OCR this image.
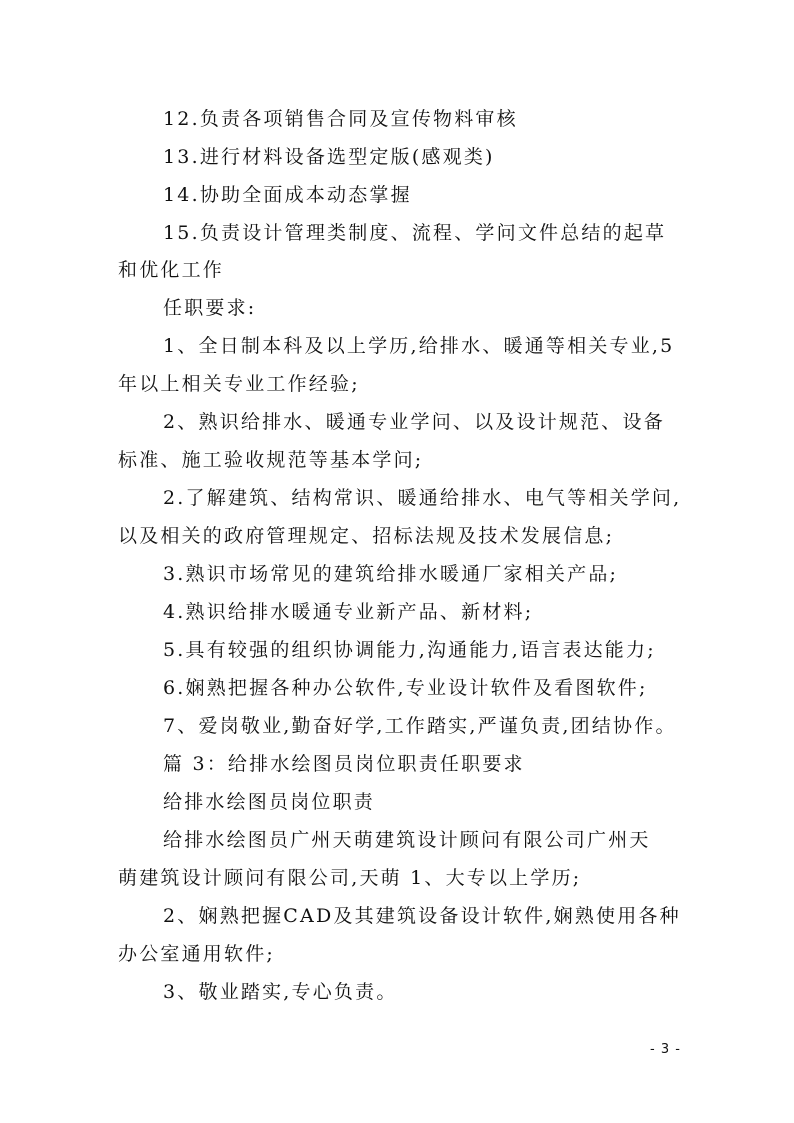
12.负责各项销售合同及宣传物料审核
13.进行材料设备选型定版(感观类)
14.协助全面成本动态掌握
15.负责设计管理类制度、流程、学问文件总结的起草
和优化工作
任职要求:
1、全日制本科及以上学历,给排水、暖通等相关专业,5
年以上相关专业工作经验;
2、熟识给排水、暖通专业学问、以及设计规范、设备
标准、施工验收规范等基本学问;
2.了解建筑、结构常识、暖通给排水、电气等相关学问,
以及相关的政府管理规定、招标法规及技术发展信息;
3.熟识市场常见的建筑给排水暖通厂家相关产品;
4.熟识给排水暖通专业新产品、新材料;
5.具有较强的组织协调能力,沟通能力,语言表达能力;
6.娴熟把握各种办公软件,专业设计软件及看图软件;
7、爱岗敬业,勤奋好学,工作踏实,严谨负责,团结协作。
篇 3：给排水绘图员岗位职责任职要求
给排水绘图员岗位职责
给排水绘图员广州天萌建筑设计顾问有限公司广州天
萌建筑设计顾问有限公司,天萌 1、大专以上学历;
2、娴熟把握CAD及其建筑设备设计软件,娴熟使用各种
办公室通用软件;
3、敬业踏实,专心负责。
- 3 -
